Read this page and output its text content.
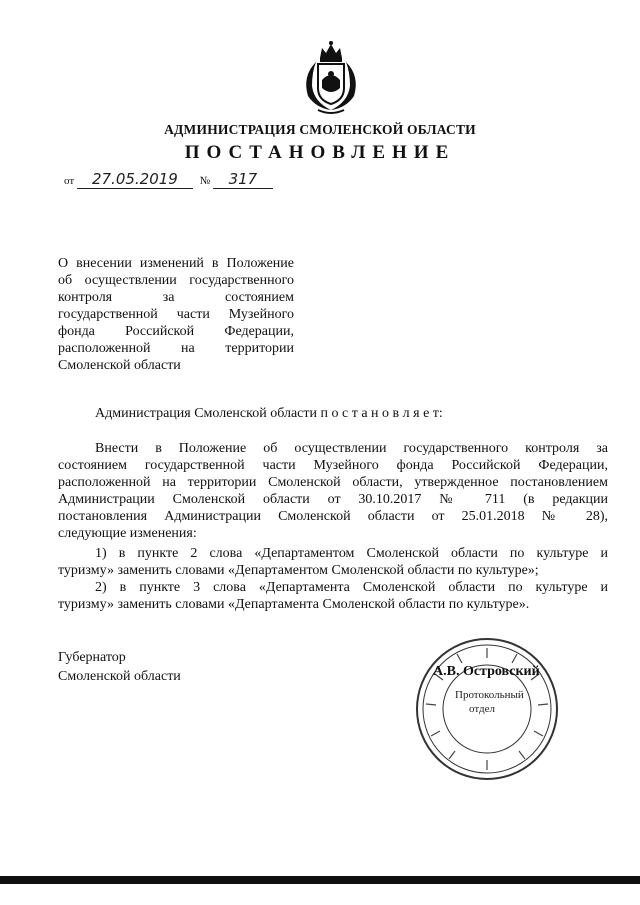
АДМИНИСТРАЦИЯ СМОЛЕНСКОЙ ОБЛАСТИ
ПОСТАНОВЛЕНИЕ
от 27.05.2019 № 317
О внесении изменений в Положение
об осуществлении государственного
контроля за состоянием
государственной части Музейного
фонда Российской Федерации,
расположенной на территории
Смоленской области
Администрация Смоленской области п о с т а н о в л я е т:
Внести в Положение об осуществлении государственного контроля за
состоянием государственной части Музейного фонда Российской Федерации,
расположенной на территории Смоленской области, утвержденное постановлением
Администрации Смоленской области от 30.10.2017 № 711 (в редакции
постановления Администрации Смоленской области от 25.01.2018 № 28),
следующие изменения:
1) в пункте 2 слова «Департаментом Смоленской области по культуре и
туризму» заменить словами «Департаментом Смоленской области по культуре»;
2) в пункте 3 слова «Департамента Смоленской области по культуре и
туризму» заменить словами «Департамента Смоленской области по культуре».
Губернатор
Смоленской области
Протокольный
отдел
А.В. Островский
